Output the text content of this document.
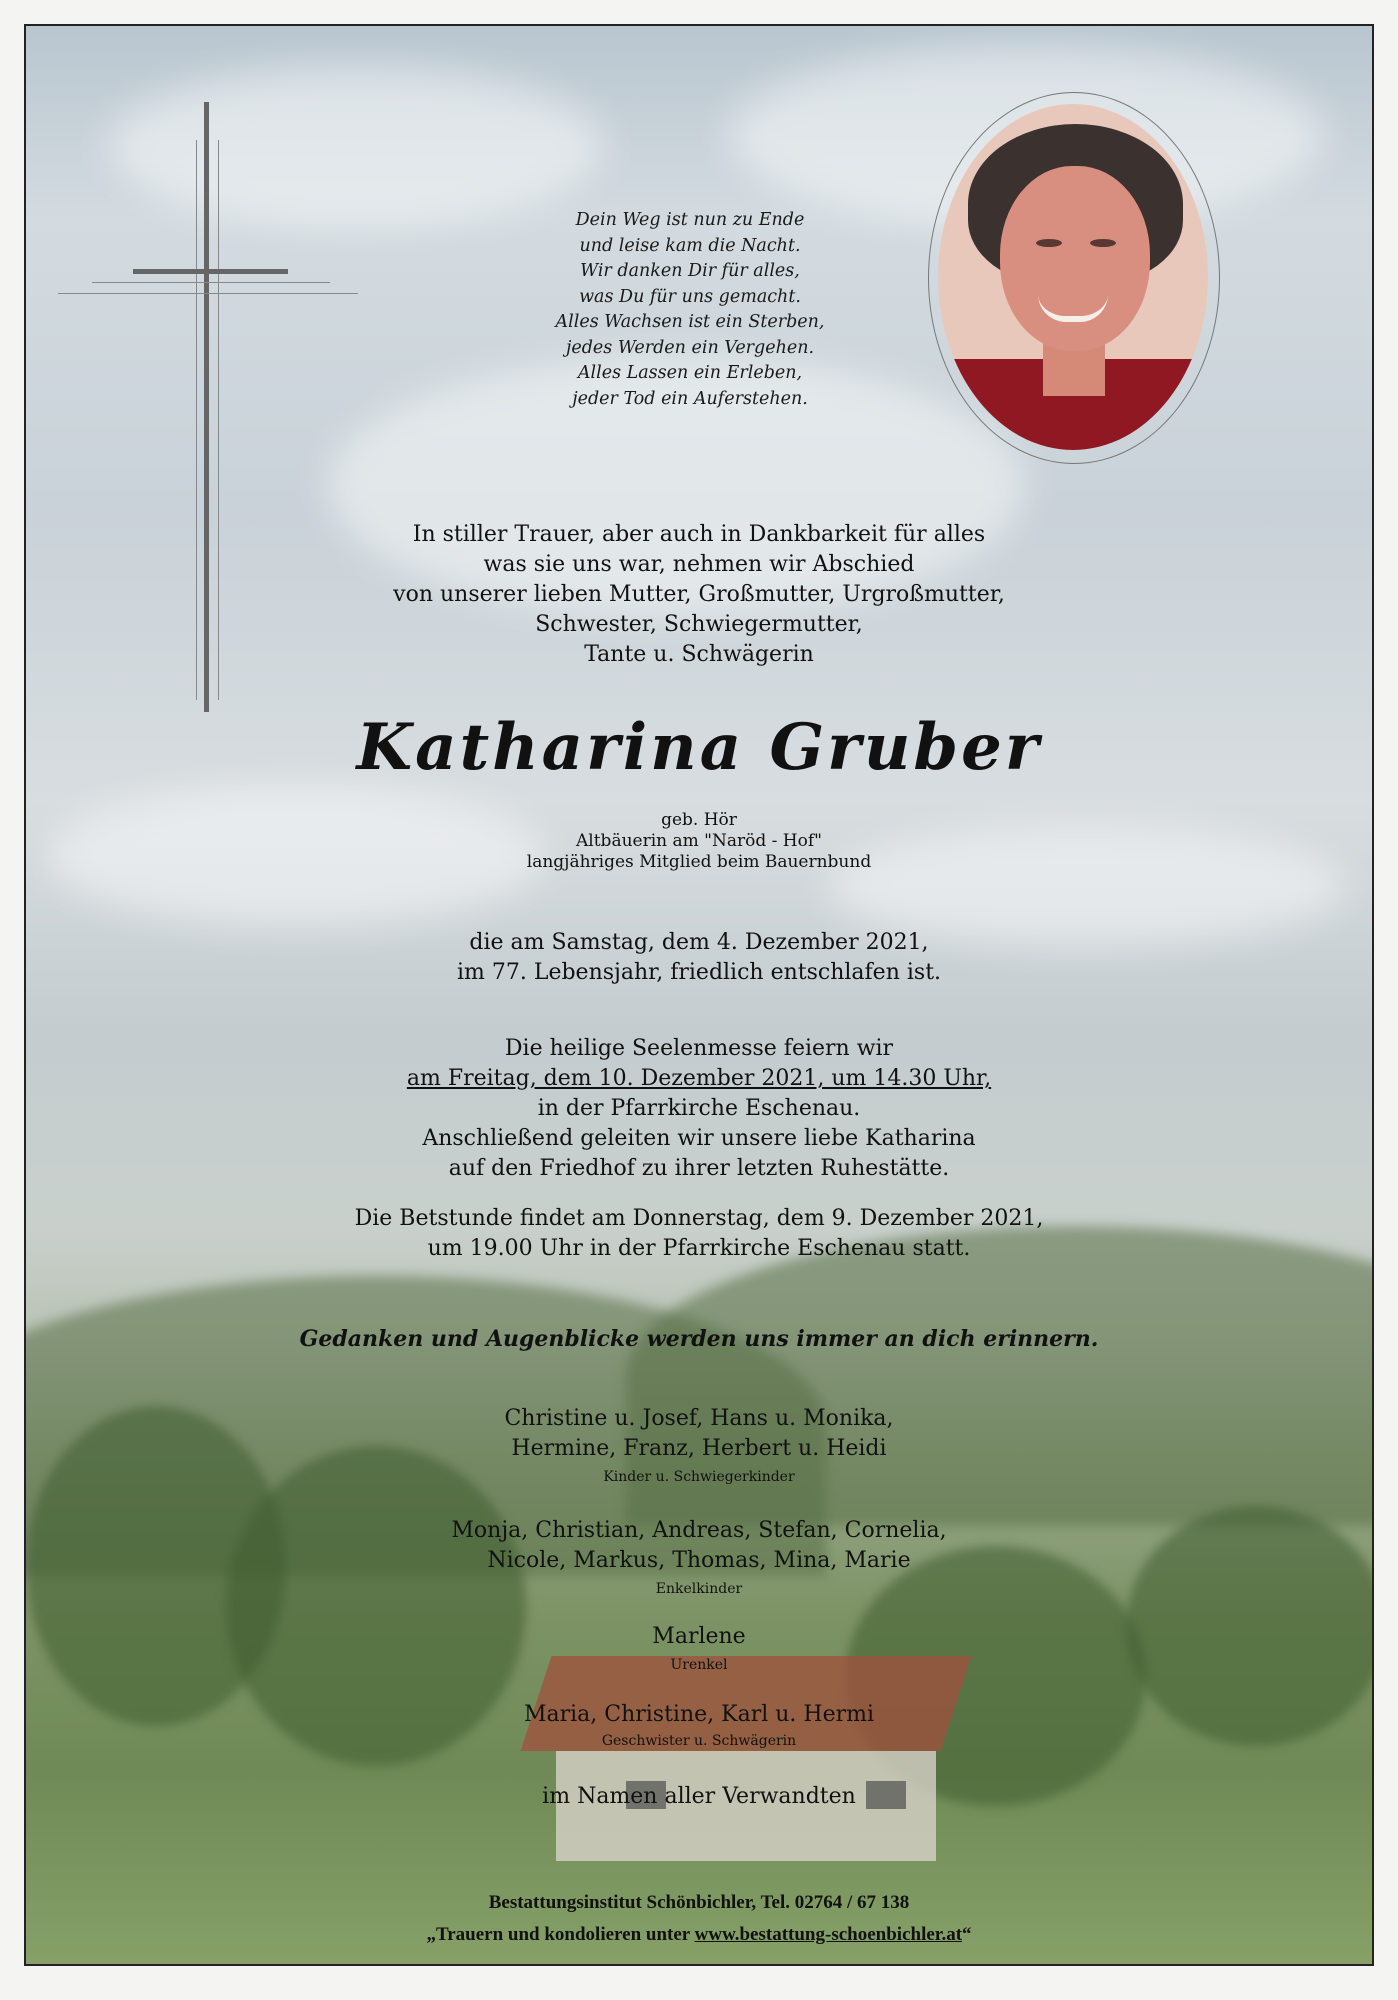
Dein Weg ist nun zu Ende
und leise kam die Nacht.
Wir danken Dir für alles,
was Du für uns gemacht.
Alles Wachsen ist ein Sterben,
jedes Werden ein Vergehen.
Alles Lassen ein Erleben,
jeder Tod ein Auferstehen.
In stiller Trauer, aber auch in Dankbarkeit für alles
was sie uns war, nehmen wir Abschied
von unserer lieben Mutter, Großmutter, Urgroßmutter,
Schwester, Schwiegermutter,
Tante u. Schwägerin
Katharina Gruber
geb. Hör
Altbäuerin am "Naröd - Hof"
langjähriges Mitglied beim Bauernbund
die am Samstag, dem 4. Dezember 2021,
im 77. Lebensjahr, friedlich entschlafen ist.
Die heilige Seelenmesse feiern wir
am Freitag, dem 10. Dezember 2021, um 14.30 Uhr,
in der Pfarrkirche Eschenau.
Anschließend geleiten wir unsere liebe Katharina
auf den Friedhof zu ihrer letzten Ruhestätte.
Die Betstunde findet am Donnerstag, dem 9. Dezember 2021,
um 19.00 Uhr in der Pfarrkirche Eschenau statt.
Gedanken und Augenblicke werden uns immer an dich erinnern.
Christine u. Josef, Hans u. Monika,
Hermine, Franz, Herbert u. Heidi
Kinder u. Schwiegerkinder
Monja, Christian, Andreas, Stefan, Cornelia,
Nicole, Markus, Thomas, Mina, Marie
Enkelkinder
Marlene
Urenkel
Maria, Christine, Karl u. Hermi
Geschwister u. Schwägerin
im Namen aller Verwandten
Bestattungsinstitut Schönbichler, Tel. 02764 / 67 138
„Trauern und kondolieren unter www.bestattung-schoenbichler.at“
